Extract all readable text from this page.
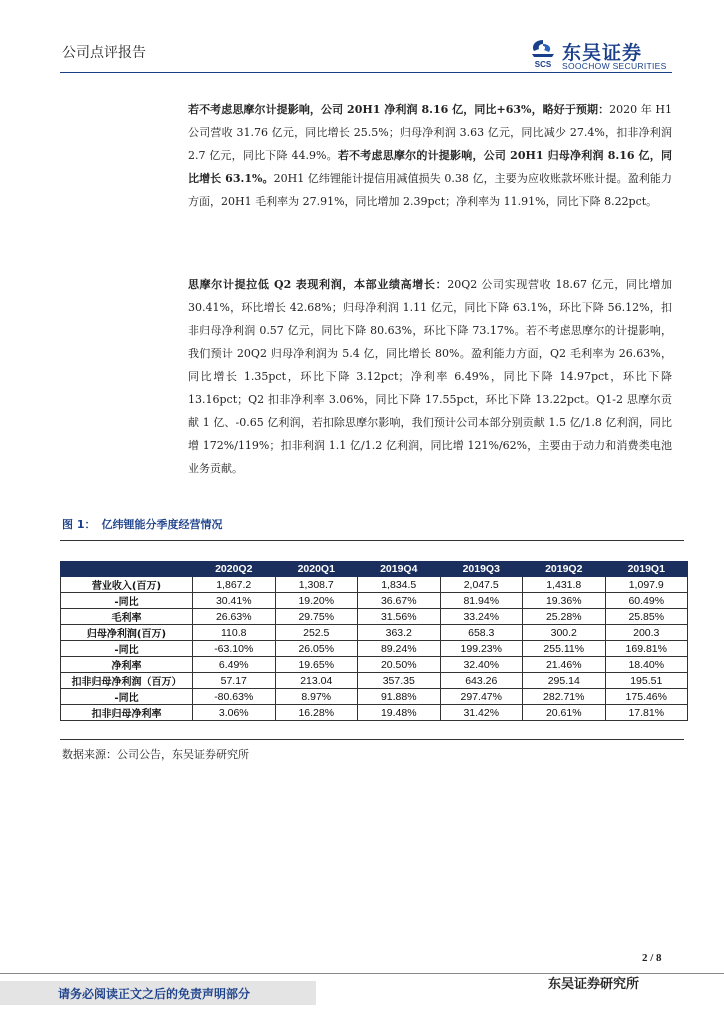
公司点评报告
SCS
东吴证券
SOOCHOW SECURITIES
若不考虑思摩尔计提影响，公司 20H1 净利润 8.16 亿，同比+63%，略好于预期：2020 年 H1 公司营收 31.76 亿元，同比增长 25.5%；归母净利润 3.63 亿元，同比减少 27.4%，扣非净利润 2.7 亿元，同比下降 44.9%。若不考虑思摩尔的计提影响，公司 20H1 归母净利润 8.16 亿，同比增长 63.1%。20H1 亿纬锂能计提信用减值损失 0.38 亿，主要为应收账款坏账计提。盈利能力方面，20H1 毛利率为 27.91%，同比增加 2.39pct；净利率为 11.91%，同比下降 8.22pct。
思摩尔计提拉低 Q2 表现利润，本部业绩高增长：20Q2 公司实现营收 18.67 亿元，同比增加 30.41%，环比增长 42.68%；归母净利润 1.11 亿元，同比下降 63.1%，环比下降 56.12%，扣非归母净利润 0.57 亿元，同比下降 80.63%，环比下降 73.17%。若不考虑思摩尔的计提影响，我们预计 20Q2 归母净利润为 5.4 亿，同比增长 80%。盈利能力方面，Q2 毛利率为 26.63%，同比增长 1.35pct，环比下降 3.12pct；净利率 6.49%，同比下降 14.97pct，环比下降 13.16pct；Q2 扣非净利率 3.06%，同比下降 17.55pct，环比下降 13.22pct。Q1-2 思摩尔贡献 1 亿、-0.65 亿利润，若扣除思摩尔影响，我们预计公司本部分别贡献 1.5 亿/1.8 亿利润，同比增 172%/119%；扣非利润 1.1 亿/1.2 亿利润，同比增 121%/62%，主要由于动力和消费类电池业务贡献。
图 1： 亿纬锂能分季度经营情况
	2020Q2	2020Q1	2019Q4	2019Q3	2019Q2	2019Q1
营业收入(百万)	1,867.2	1,308.7	1,834.5	2,047.5	1,431.8	1,097.9
-同比	30.41%	19.20%	36.67%	81.94%	19.36%	60.49%
毛利率	26.63%	29.75%	31.56%	33.24%	25.28%	25.85%
归母净利润(百万)	110.8	252.5	363.2	658.3	300.2	200.3
-同比	-63.10%	26.05%	89.24%	199.23%	255.11%	169.81%
净利率	6.49%	19.65%	20.50%	32.40%	21.46%	18.40%
扣非归母净利润（百万）	57.17	213.04	357.35	643.26	295.14	195.51
-同比	-80.63%	8.97%	91.88%	297.47%	282.71%	175.46%
扣非归母净利率	3.06%	16.28%	19.48%	31.42%	20.61%	17.81%
数据来源：公司公告，东吴证券研究所
2 / 8
请务必阅读正文之后的免责声明部分
东吴证券研究所
